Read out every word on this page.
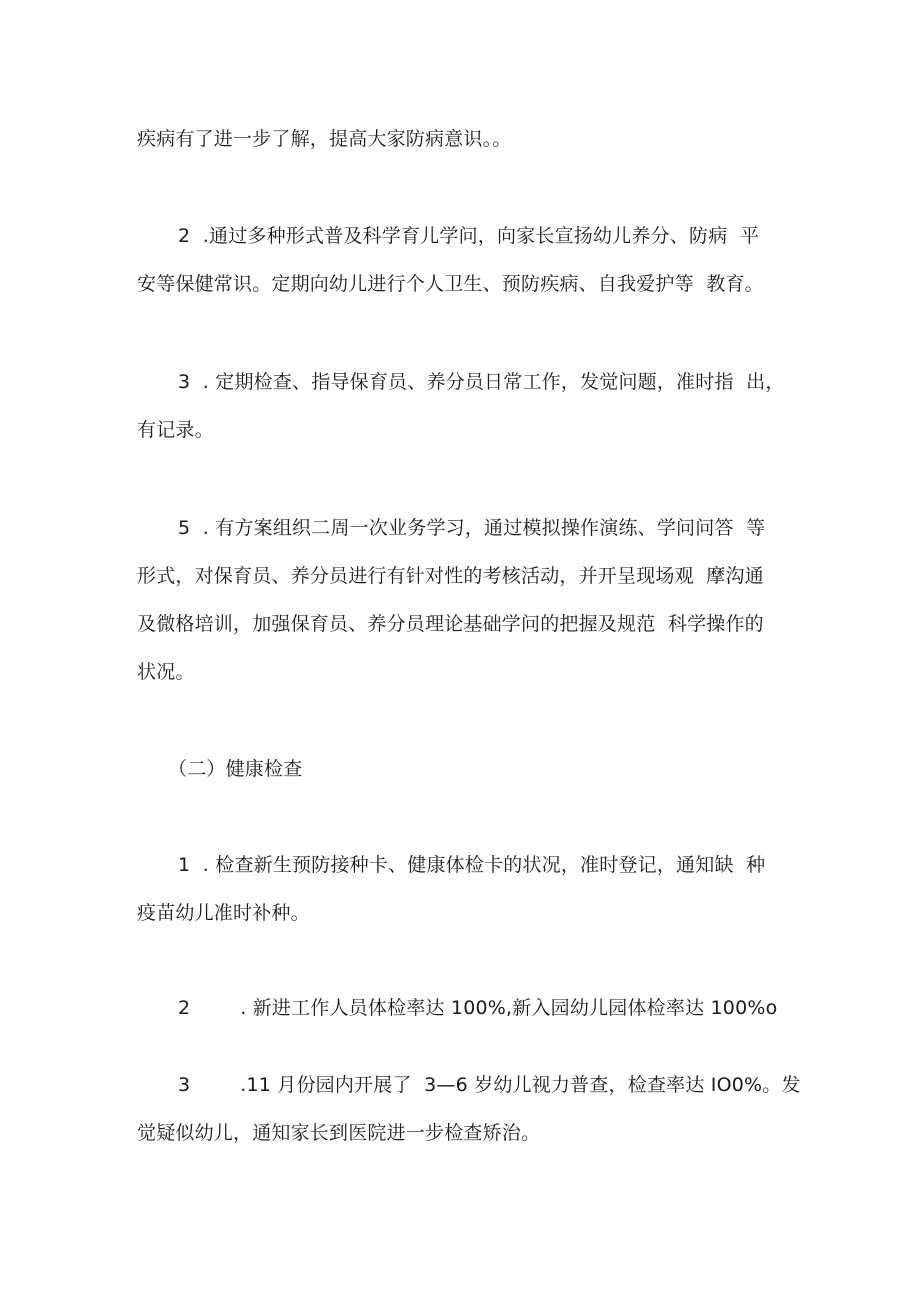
疾病有了进一步了解，提高大家防病意识。。
2  .通过多种形式普及科学育儿学问，向家长宣扬幼儿养分、防病  平
安等保健常识。定期向幼儿进行个人卫生、预防疾病、自我爱护等  教育。
3  . 定期检查、指导保育员、养分员日常工作，发觉问题，准时指  出，
有记录。
5  . 有方案组织二周一次业务学习，通过模拟操作演练、学问问答  等
形式，对保育员、养分员进行有针对性的考核活动，并开呈现场观  摩沟通
及微格培训，加强保育员、养分员理论基础学问的把握及规范  科学操作的
状况。
（二）健康检查
1  . 检查新生预防接种卡、健康体检卡的状况，准时登记，通知缺  种
疫苗幼儿准时补种。
2        . 新进工作人员体检率达 100%,新入园幼儿园体检率达 100%o
3        .11 月份园内开展了  3—6 岁幼儿视力普查，检查率达 IO0%。发
觉疑似幼儿，通知家长到医院进一步检查矫治。
